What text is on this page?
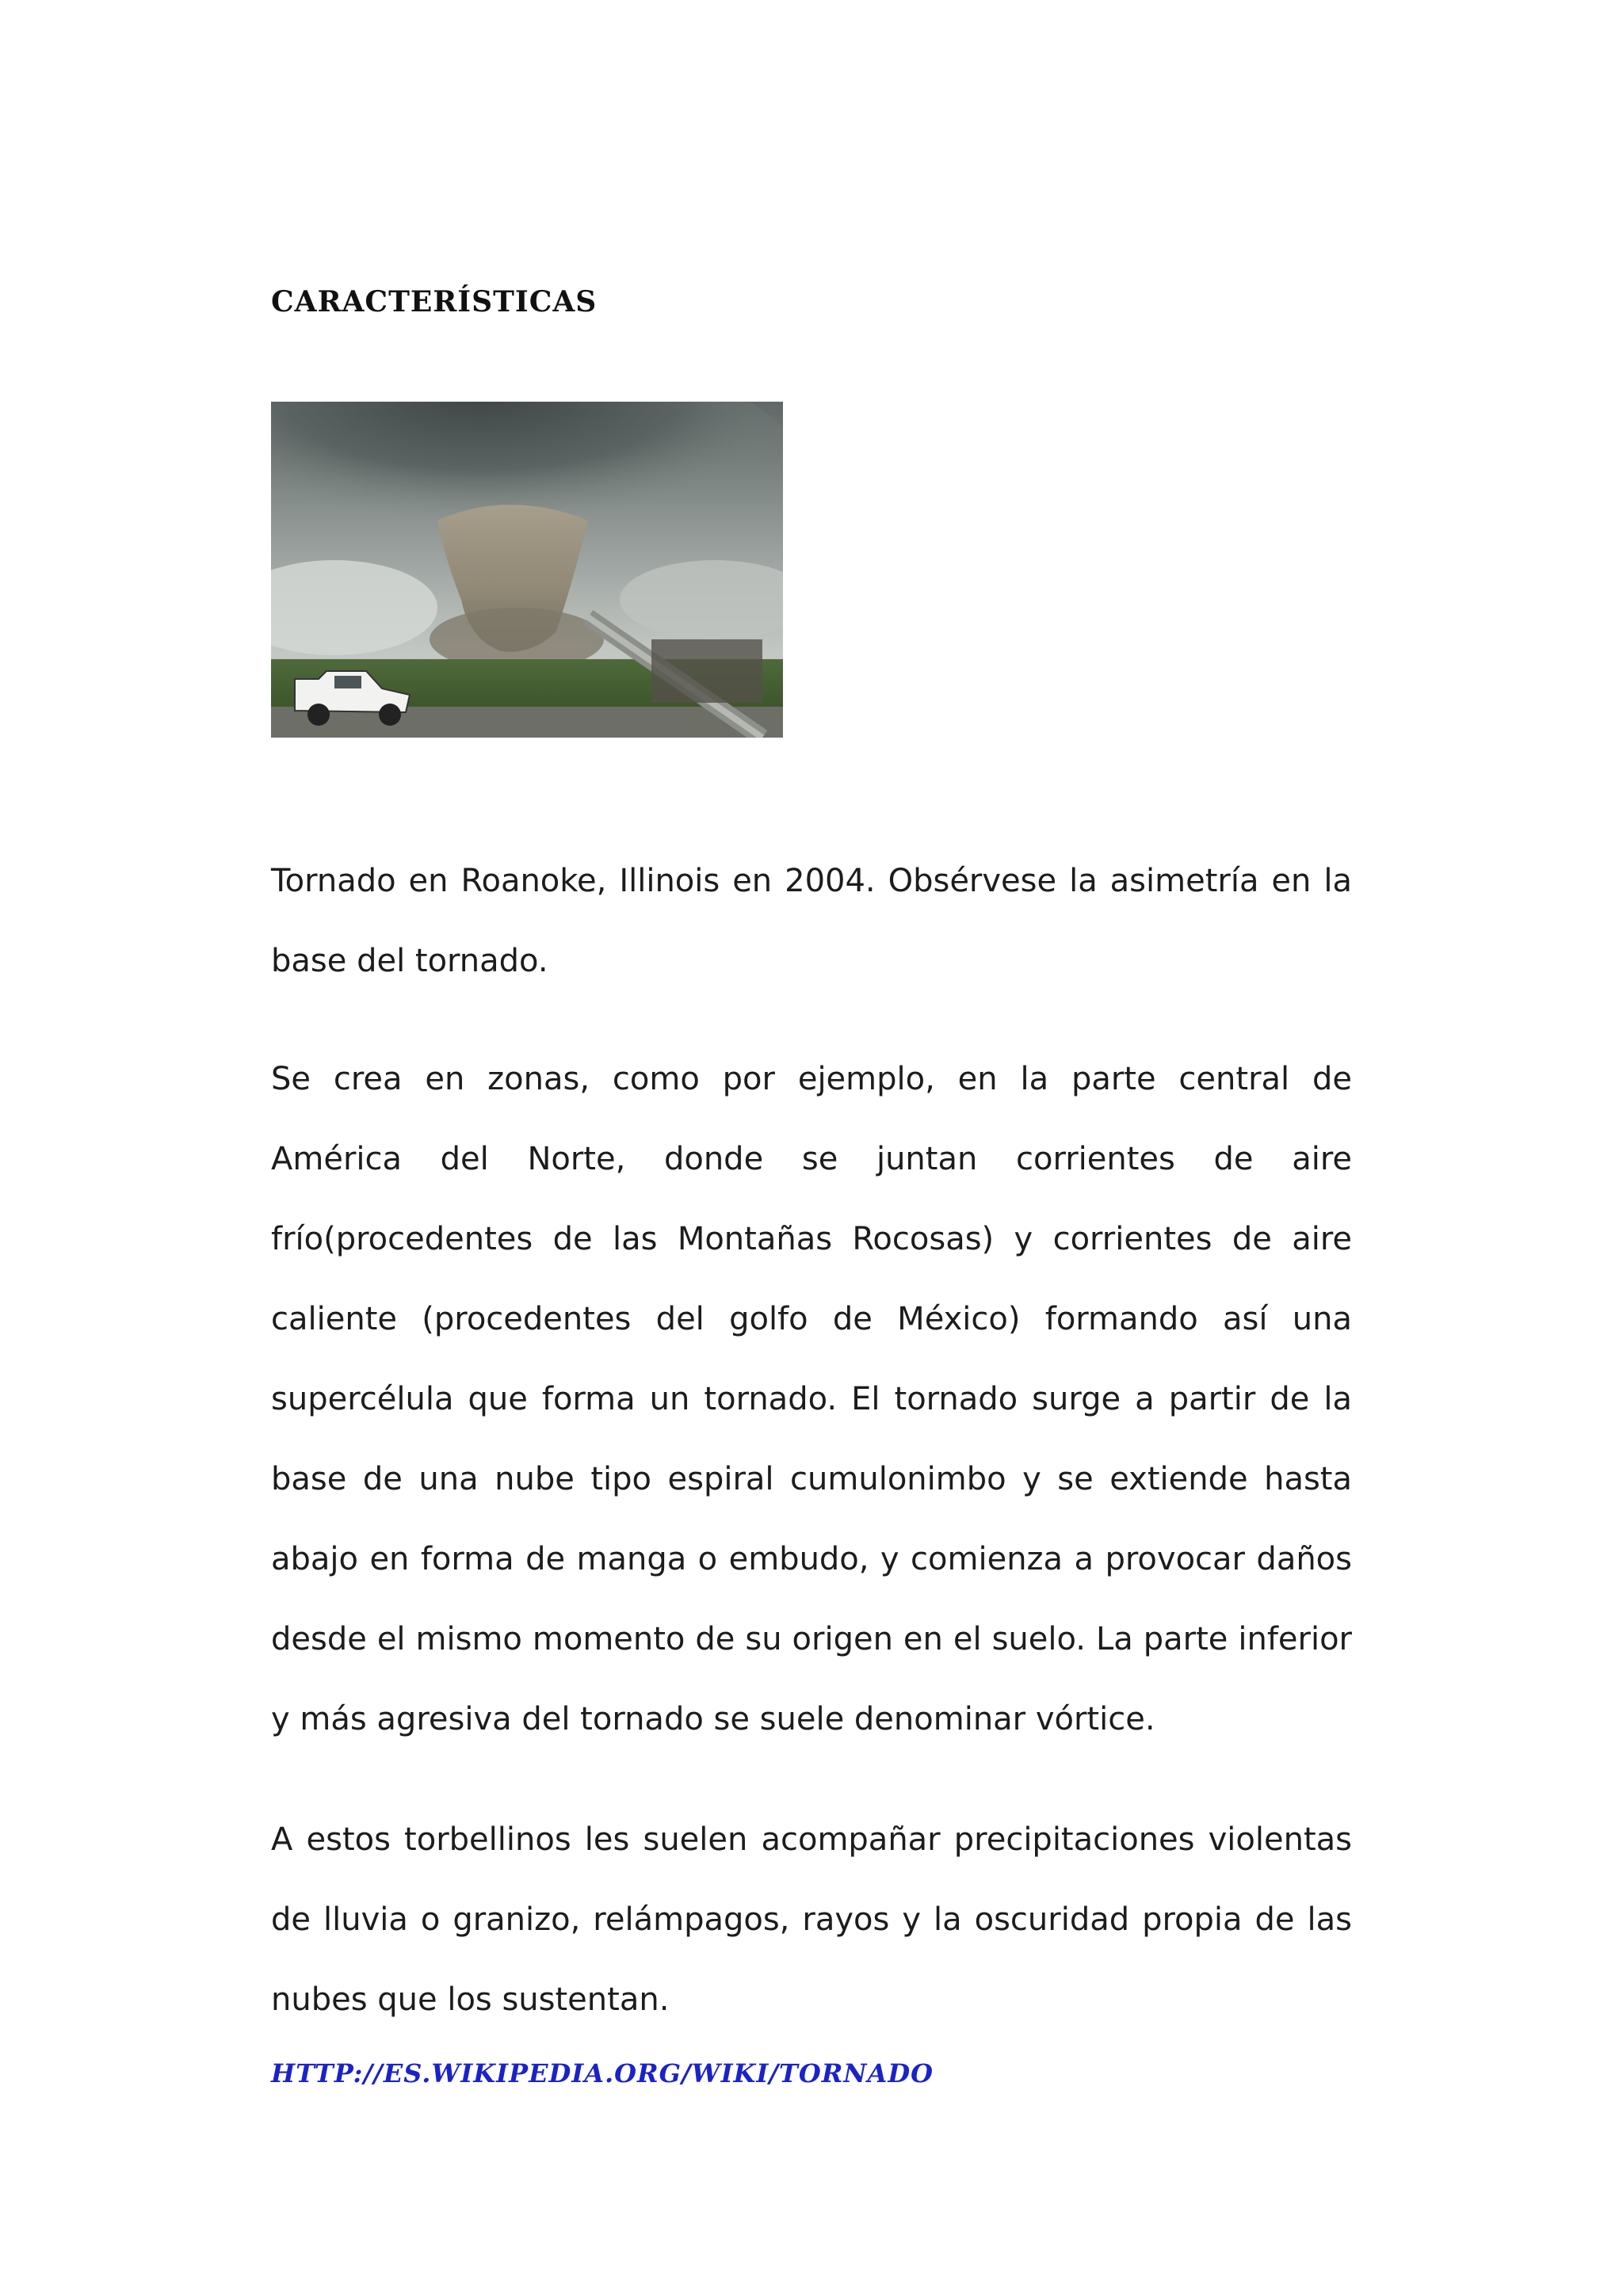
CARACTERÍSTICAS

Tornado en Roanoke, Illinois en 2004. Obsérvese la asimetría en la base del tornado.

Se crea en zonas, como por ejemplo, en la parte central de América del Norte, donde se juntan corrientes de aire frío(procedentes de las Montañas Rocosas) y corrientes de aire caliente (procedentes del golfo de México) formando así una supercélula que forma un tornado. El tornado surge a partir de la base de una nube tipo espiral cumulonimbo y se extiende hasta abajo en forma de manga o embudo, y comienza a provocar daños desde el mismo momento de su origen en el suelo. La parte inferior y más agresiva del tornado se suele denominar vórtice.

A estos torbellinos les suelen acompañar precipitaciones violentas de lluvia o granizo, relámpagos, rayos y la oscuridad propia de las nubes que los sustentan.

HTTP://ES.WIKIPEDIA.ORG/WIKI/TORNADO
